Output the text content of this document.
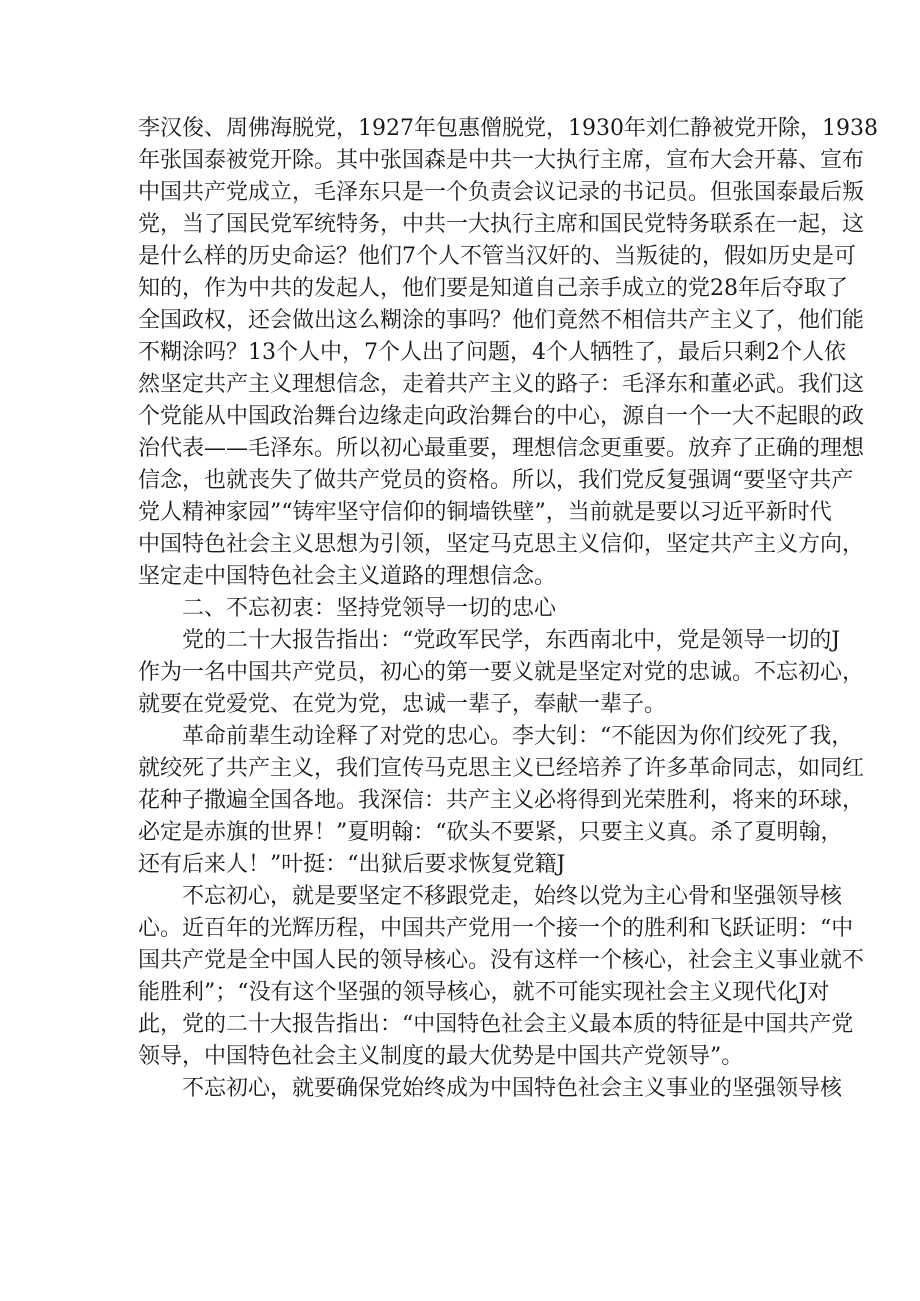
李汉俊、周佛海脱党，1927年包惠僧脱党，1930年刘仁静被党开除，1938
年张国泰被党开除。其中张国森是中共一大执行主席，宣布大会开幕、宣布
中国共产党成立，毛泽东只是一个负责会议记录的书记员。但张国泰最后叛
党，当了国民党军统特务，中共一大执行主席和国民党特务联系在一起，这
是什么样的历史命运？他们7个人不管当汉奸的、当叛徒的，假如历史是可
知的，作为中共的发起人，他们要是知道自己亲手成立的党28年后夺取了
全国政权，还会做出这么糊涂的事吗？他们竟然不相信共产主义了，他们能
不糊涂吗？13个人中，7个人出了问题，4个人牺牲了，最后只剩2个人依
然坚定共产主义理想信念，走着共产主义的路子：毛泽东和董必武。我们这
个党能从中国政治舞台边缘走向政治舞台的中心，源自一个一大不起眼的政
治代表——毛泽东。所以初心最重要，理想信念更重要。放弃了正确的理想
信念，也就丧失了做共产党员的资格。所以，我们党反复强调“要坚守共产
党人精神家园”“铸牢坚守信仰的铜墙铁壁”，当前就是要以习近平新时代
中国特色社会主义思想为引领，坚定马克思主义信仰，坚定共产主义方向，
坚定走中国特色社会主义道路的理想信念。
二、不忘初衷：坚持党领导一切的忠心
党的二十大报告指出：“党政军民学，东西南北中，党是领导一切的J
作为一名中国共产党员，初心的第一要义就是坚定对党的忠诚。不忘初心，
就要在党爱党、在党为党，忠诚一辈子，奉献一辈子。
革命前辈生动诠释了对党的忠心。李大钊：“不能因为你们绞死了我，
就绞死了共产主义，我们宣传马克思主义已经培养了许多革命同志，如同红
花种子撒遍全国各地。我深信：共产主义必将得到光荣胜利，将来的环球，
必定是赤旗的世界！”夏明翰：“砍头不要紧，只要主义真。杀了夏明翰，
还有后来人！”叶挺：“出狱后要求恢复党籍J
不忘初心，就是要坚定不移跟党走，始终以党为主心骨和坚强领导核
心。近百年的光辉历程，中国共产党用一个接一个的胜利和飞跃证明：“中
国共产党是全中国人民的领导核心。没有这样一个核心，社会主义事业就不
能胜利”；“没有这个坚强的领导核心，就不可能实现社会主义现代化J对
此，党的二十大报告指出：“中国特色社会主义最本质的特征是中国共产党
领导，中国特色社会主义制度的最大优势是中国共产党领导”。
不忘初心，就要确保党始终成为中国特色社会主义事业的坚强领导核
